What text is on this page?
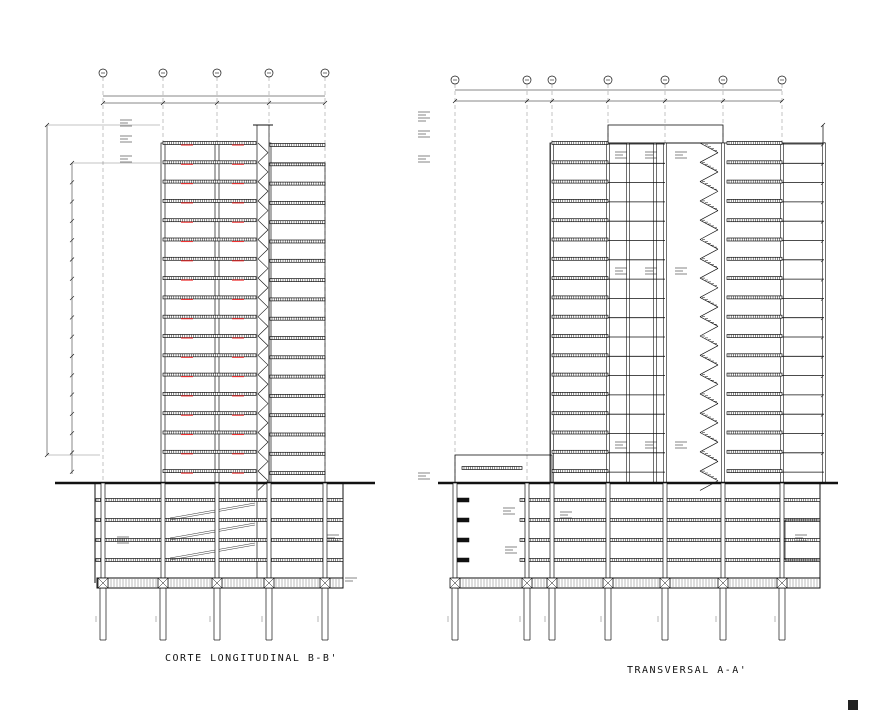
CORTE LONGITUDINAL B-B'
TRANSVERSAL A-A'
